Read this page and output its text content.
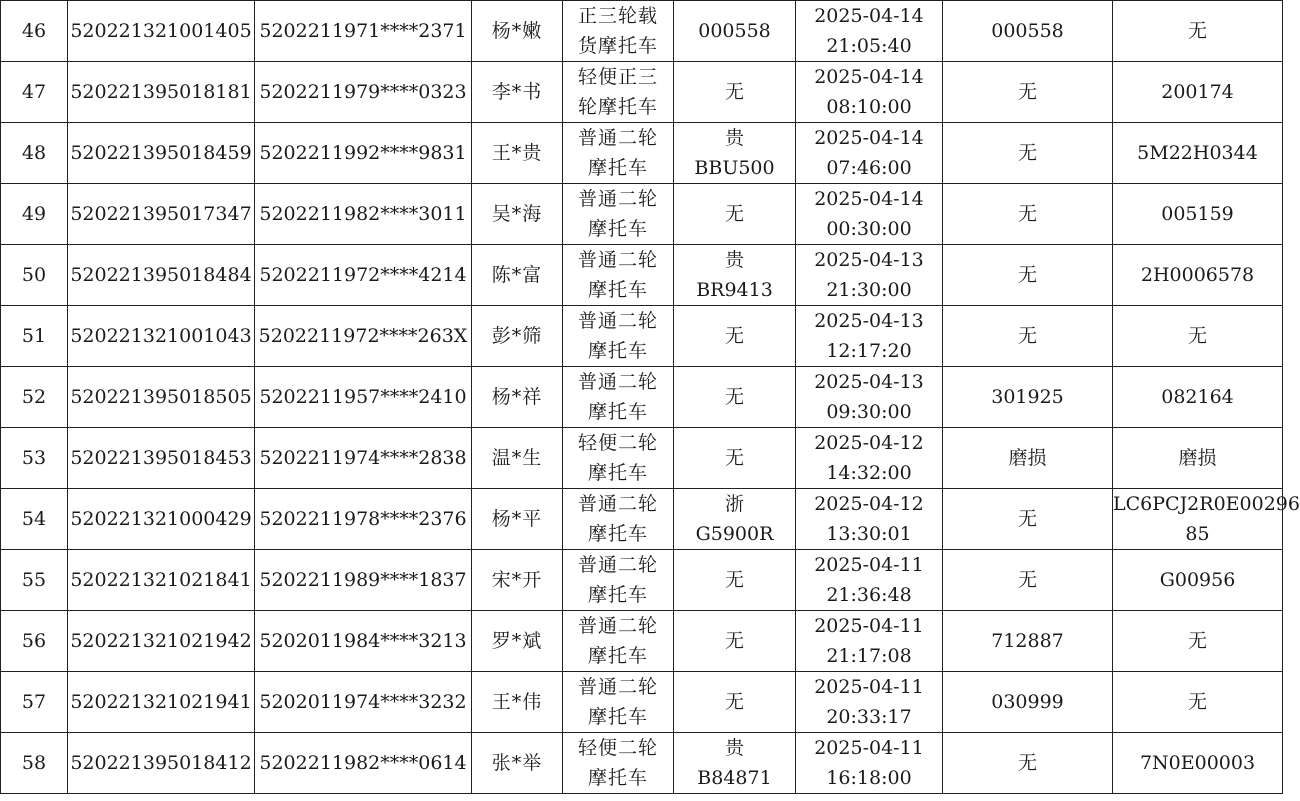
46	520221321001405	5202211971****2371	杨*嫩	正三轮载
货摩托车	000558	2025-04-14
21:05:40	000558	无

47	520221395018181	5202211979****0323	李*书	轻便正三
轮摩托车	无	2025-04-14
08:10:00	无	200174

48	520221395018459	5202211992****9831	王*贵	普通二轮
摩托车	贵
BBU500	2025-04-14
07:46:00	无	5M22H0344

49	520221395017347	5202211982****3011	吴*海	普通二轮
摩托车	无	2025-04-14
00:30:00	无	005159

50	520221395018484	5202211972****4214	陈*富	普通二轮
摩托车	贵
BR9413	2025-04-13
21:30:00	无	2H0006578

51	520221321001043	5202211972****263X	彭*筛	普通二轮
摩托车	无	2025-04-13
12:17:20	无	无

52	520221395018505	5202211957****2410	杨*祥	普通二轮
摩托车	无	2025-04-13
09:30:00	301925	082164

53	520221395018453	5202211974****2838	温*生	轻便二轮
摩托车	无	2025-04-12
14:32:00	磨损	磨损

54	520221321000429	5202211978****2376	杨*平	普通二轮
摩托车	浙
G5900R	2025-04-12
13:30:01	无	LC6PCJ2R0E00296
85

55	520221321021841	5202211989****1837	宋*开	普通二轮
摩托车	无	2025-04-11
21:36:48	无	G00956

56	520221321021942	5202011984****3213	罗*斌	普通二轮
摩托车	无	2025-04-11
21:17:08	712887	无

57	520221321021941	5202011974****3232	王*伟	普通二轮
摩托车	无	2025-04-11
20:33:17	030999	无

58	520221395018412	5202211982****0614	张*举	轻便二轮
摩托车	贵
B84871	2025-04-11
16:18:00	无	7N0E00003
